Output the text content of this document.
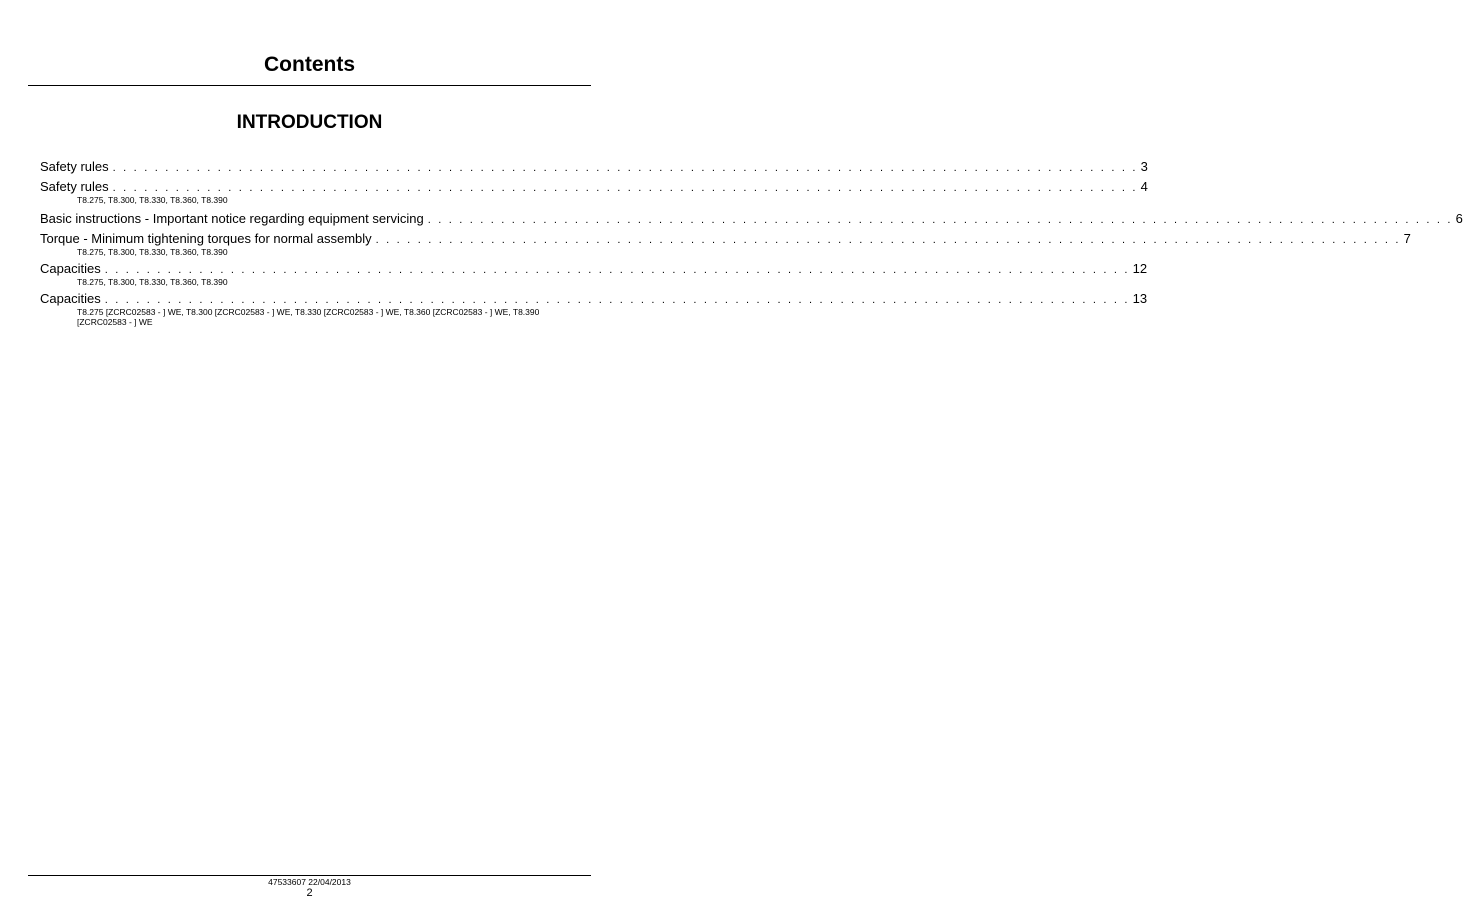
Contents
INTRODUCTION
Safety rules . . . . . . . . . . . . . . . . . . . . . . . . . . . . . . . . . . . . . . . . . . . . . . . . . . . . . . . . . . . . . . . . . . . . . . . . . . . . . . . . . . . . . . . . . . . . . . . . . . 3
Safety rules . . . . . . . . . . . . . . . . . . . . . . . . . . . . . . . . . . . . . . . . . . . . . . . . . . . . . . . . . . . . . . . . . . . . . . . . . . . . . . . . . . . . . . . . . . . . . . . . . . 4
T8.275, T8.300, T8.330, T8.360, T8.390
Basic instructions - Important notice regarding equipment servicing . . . . . . . . . . . . . . . . . . . . . . . . . . . . . . . . . . . . . . . . . . . . . . . . . . . . . . . . . . . . . . . . . . . . . . . . . . . . . . . . . . . . . . . . . . . . . . . . . . 6
Torque - Minimum tightening torques for normal assembly . . . . . . . . . . . . . . . . . . . . . . . . . . . . . . . . . . . . . . . . . . . . . . . . . . . . . . . . . . . . . . . . . . . . . . . . . . . . . . . . . . . . . . . . . . . . . . . . . . 7
T8.275, T8.300, T8.330, T8.360, T8.390
Capacities . . . . . . . . . . . . . . . . . . . . . . . . . . . . . . . . . . . . . . . . . . . . . . . . . . . . . . . . . . . . . . . . . . . . . . . . . . . . . . . . . . . . . . . . . . . . . . . . . . 12
T8.275, T8.300, T8.330, T8.360, T8.390
Capacities . . . . . . . . . . . . . . . . . . . . . . . . . . . . . . . . . . . . . . . . . . . . . . . . . . . . . . . . . . . . . . . . . . . . . . . . . . . . . . . . . . . . . . . . . . . . . . . . . . 13
T8.275 [ZCRC02583 - ] WE, T8.300 [ZCRC02583 - ] WE, T8.330 [ZCRC02583 - ] WE, T8.360 [ZCRC02583 - ] WE, T8.390 [ZCRC02583 - ] WE
47533607 22/04/2013
2
